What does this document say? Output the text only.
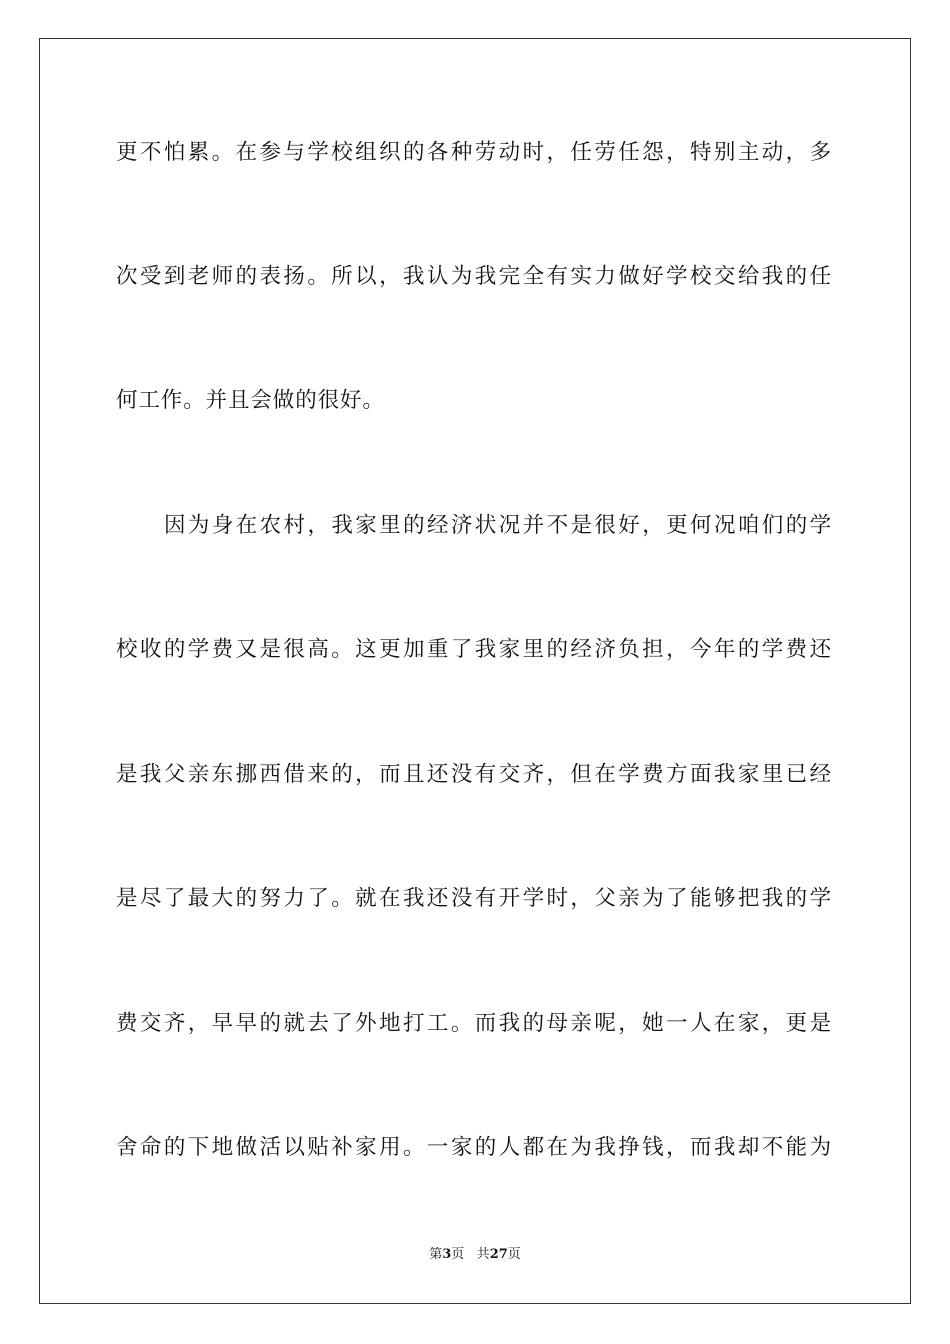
更不怕累。在参与学校组织的各种劳动时，任劳任怨，特别主动，多
次受到老师的表扬。所以，我认为我完全有实力做好学校交给我的任
何工作。并且会做的很好。
因为身在农村，我家里的经济状况并不是很好，更何况咱们的学
校收的学费又是很高。这更加重了我家里的经济负担，今年的学费还
是我父亲东挪西借来的，而且还没有交齐，但在学费方面我家里已经
是尽了最大的努力了。就在我还没有开学时，父亲为了能够把我的学
费交齐，早早的就去了外地打工。而我的母亲呢，她一人在家，更是
舍命的下地做活以贴补家用。一家的人都在为我挣钱，而我却不能为
第3页 共27页
